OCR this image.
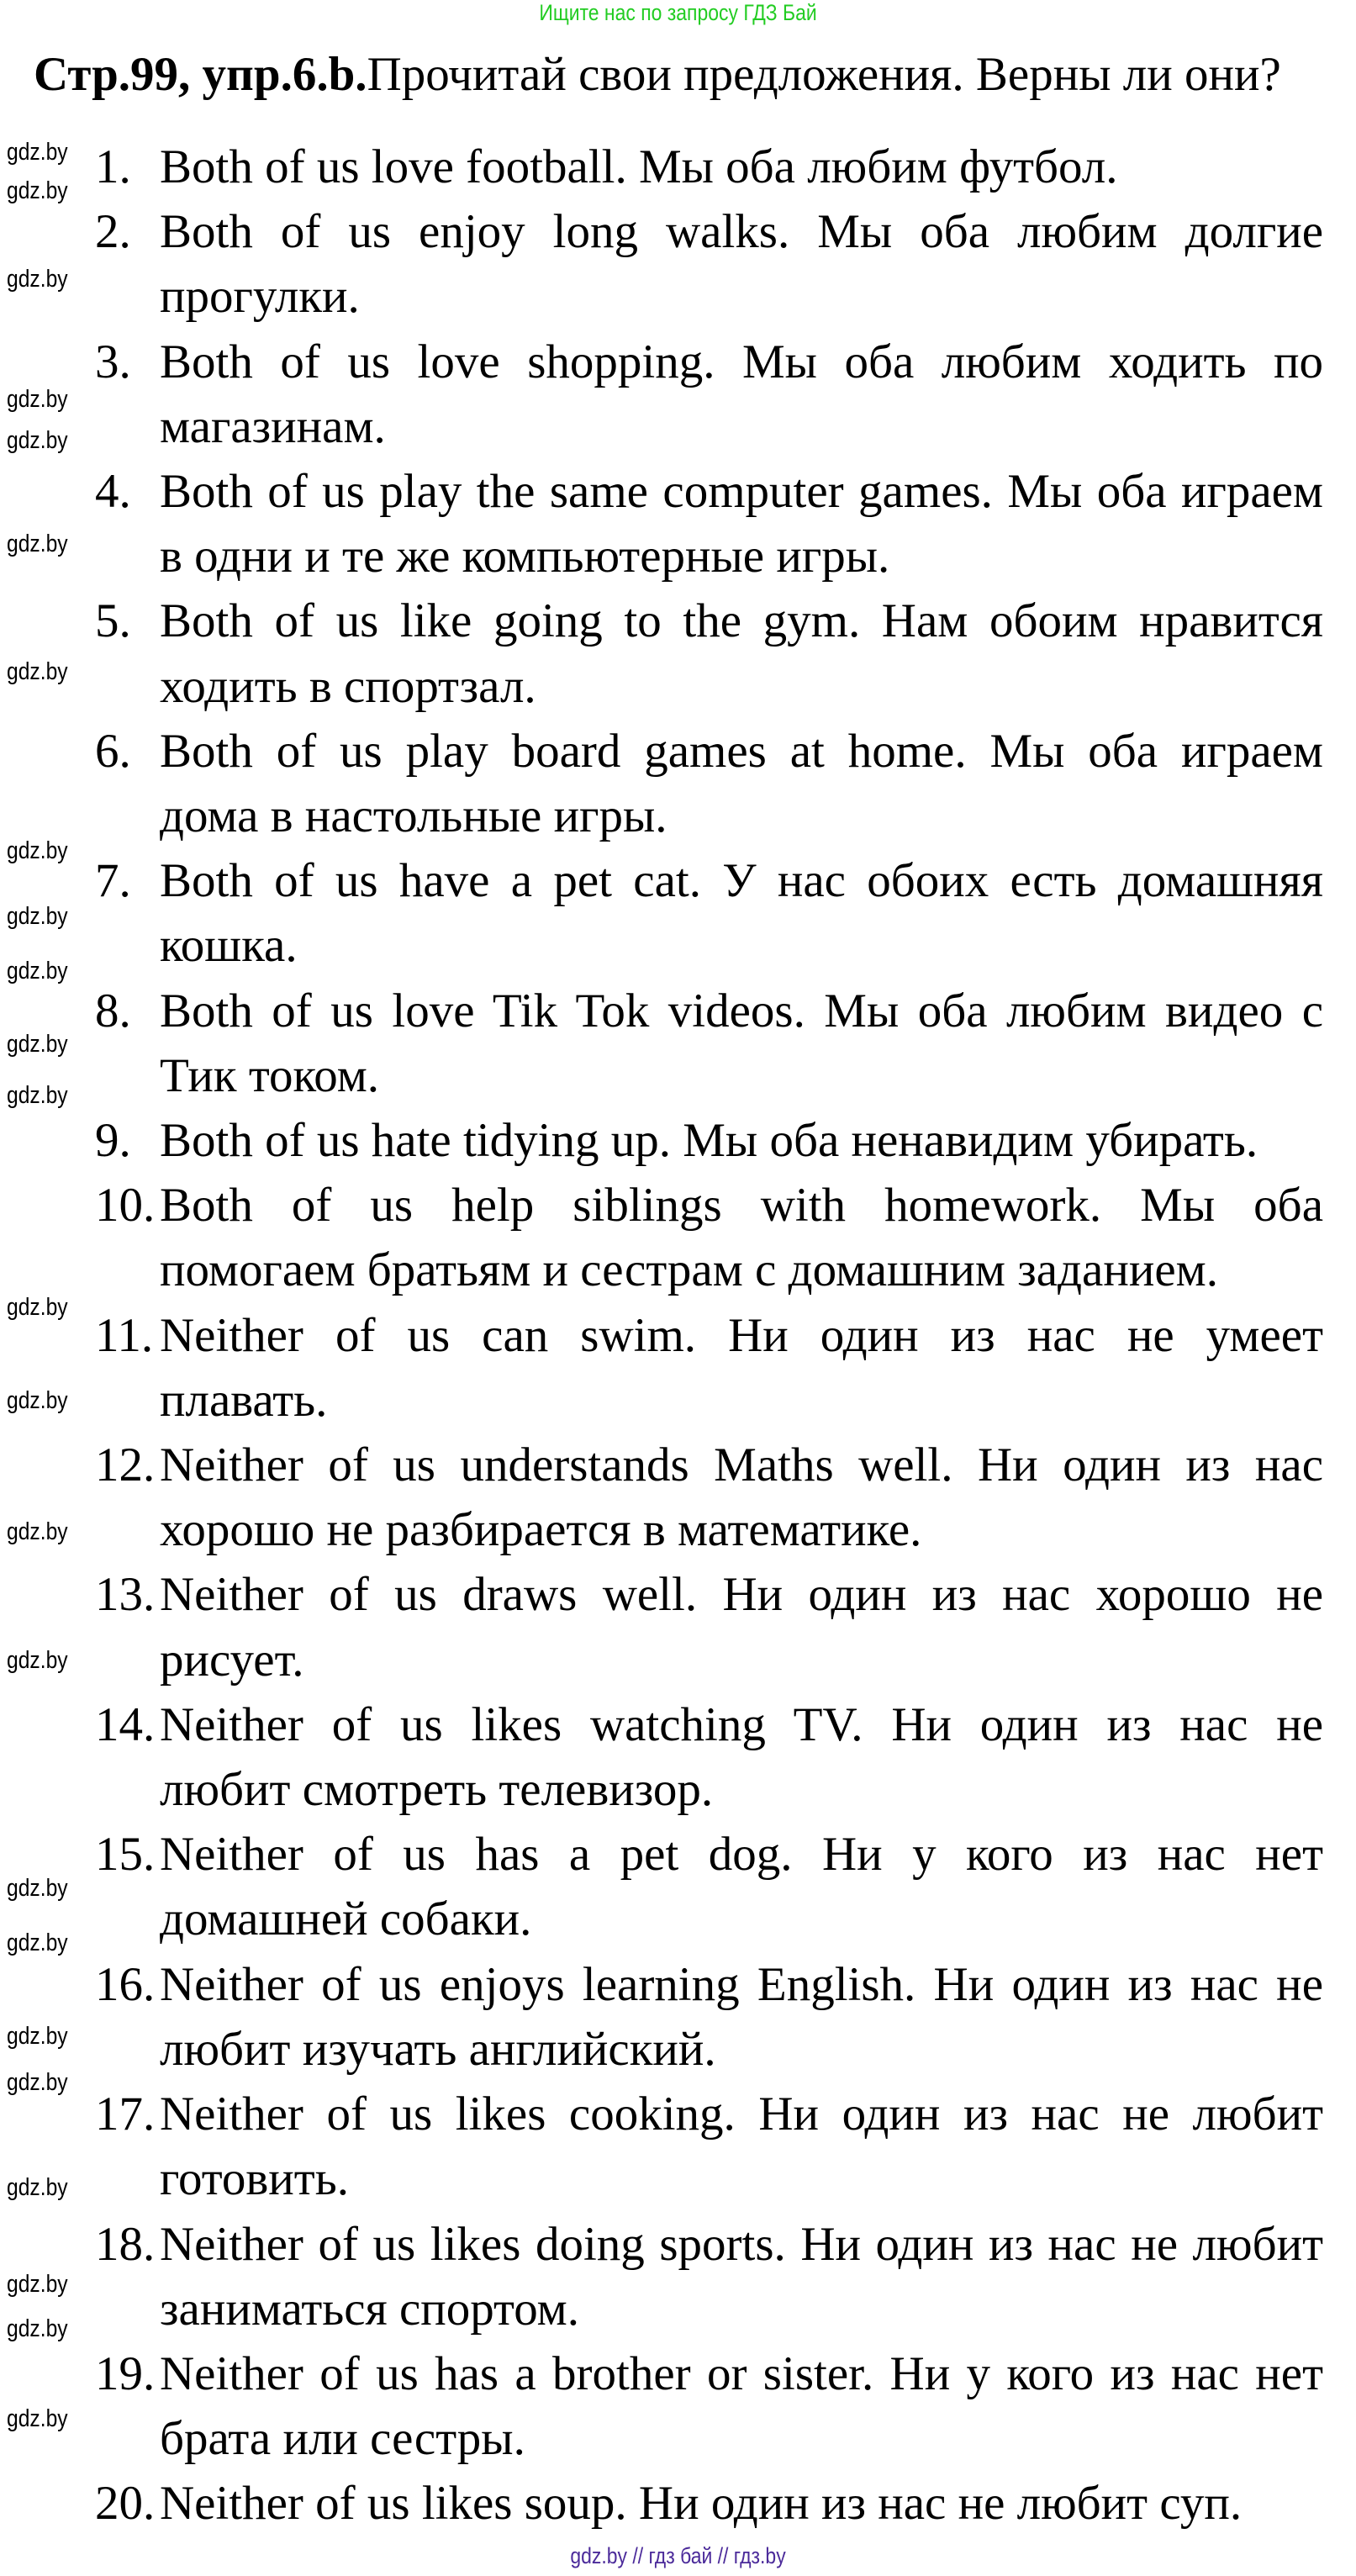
Ищите нас по запросу ГДЗ Бай
Стр.99, упр.6.b.Прочитай свои предложения. Верны ли они?
1. Both of us love football. Мы оба любим футбол.
2. Both of us enjoy long walks. Мы оба любим долгие
прогулки.
3. Both of us love shopping. Мы оба любим ходить по
магазинам.
4. Both of us play the same computer games. Мы оба играем
в одни и те же компьютерные игры.
5. Both of us like going to the gym. Нам обоим нравится
ходить в спортзал.
6. Both of us play board games at home. Мы оба играем
дома в настольные игры.
7. Both of us have a pet cat. У нас обоих есть домашняя
кошка.
8. Both of us love Tik Tok videos. Мы оба любим видео с
Тик током.
9. Both of us hate tidying up. Мы оба ненавидим убирать.
10. Both of us help siblings with homework. Мы оба
помогаем братьям и сестрам с домашним заданием.
11. Neither of us can swim. Ни один из нас не умеет
плавать.
12. Neither of us understands Maths well. Ни один из нас
хорошо не разбирается в математике.
13. Neither of us draws well. Ни один из нас хорошо не
рисует.
14. Neither of us likes watching TV. Ни один из нас не
любит смотреть телевизор.
15. Neither of us has a pet dog. Ни у кого из нас нет
домашней собаки.
16. Neither of us enjoys learning English. Ни один из нас не
любит изучать английский.
17. Neither of us likes cooking. Ни один из нас не любит
готовить.
18. Neither of us likes doing sports. Ни один из нас не любит
заниматься спортом.
19. Neither of us has a brother or sister. Ни у кого из нас нет
брата или сестры.
20. Neither of us likes soup. Ни один из нас не любит суп.
gdz.by
gdz.by
gdz.by
gdz.by
gdz.by
gdz.by
gdz.by
gdz.by
gdz.by
gdz.by
gdz.by
gdz.by
gdz.by
gdz.by
gdz.by
gdz.by
gdz.by
gdz.by
gdz.by
gdz.by
gdz.by
gdz.by
gdz.by
gdz.by
gdz.by // гдз бай // гдз.by
